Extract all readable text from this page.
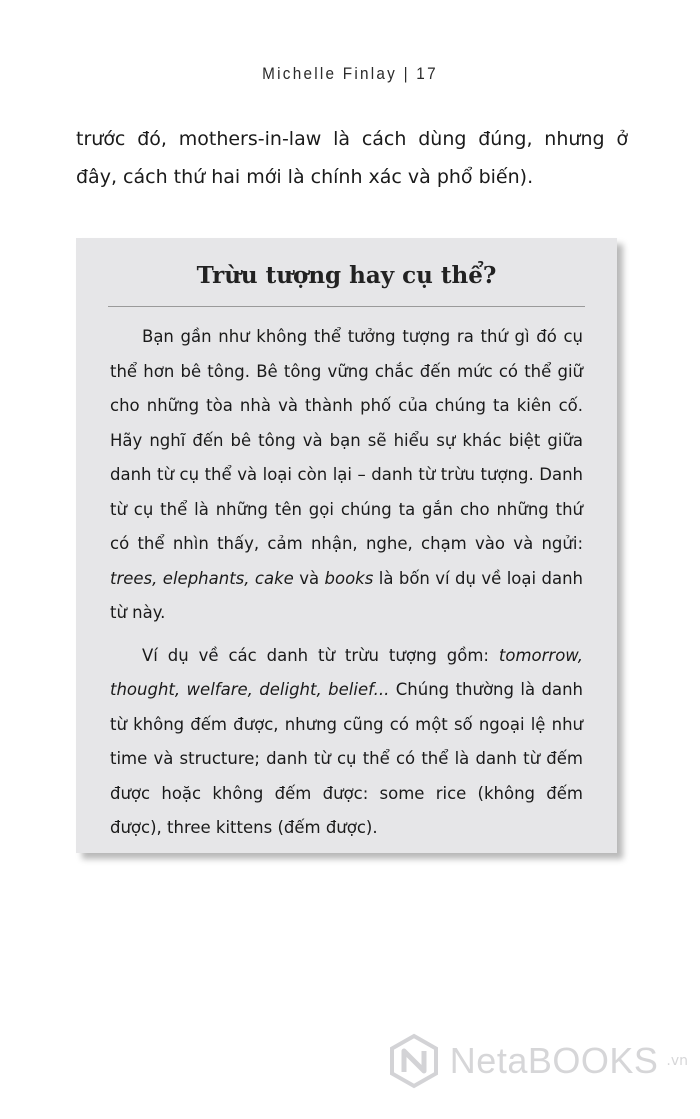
Michelle Finlay | 17

trước đó, mothers-in-law là cách dùng đúng, nhưng ở đây, cách thứ hai mới là chính xác và phổ biến).

Trừu tượng hay cụ thể?

Bạn gần như không thể tưởng tượng ra thứ gì đó cụ thể hơn bê tông. Bê tông vững chắc đến mức có thể giữ cho những tòa nhà và thành phố của chúng ta kiên cố. Hãy nghĩ đến bê tông và bạn sẽ hiểu sự khác biệt giữa danh từ cụ thể và loại còn lại – danh từ trừu tượng. Danh từ cụ thể là những tên gọi chúng ta gắn cho những thứ có thể nhìn thấy, cảm nhận, nghe, chạm vào và ngửi: trees, elephants, cake và books là bốn ví dụ về loại danh từ này.

Ví dụ về các danh từ trừu tượng gồm: tomorrow, thought, welfare, delight, belief... Chúng thường là danh từ không đếm được, nhưng cũng có một số ngoại lệ như time và structure; danh từ cụ thể có thể là danh từ đếm được hoặc không đếm được: some rice (không đếm được), three kittens (đếm được).

NetaBOOKS .vn
